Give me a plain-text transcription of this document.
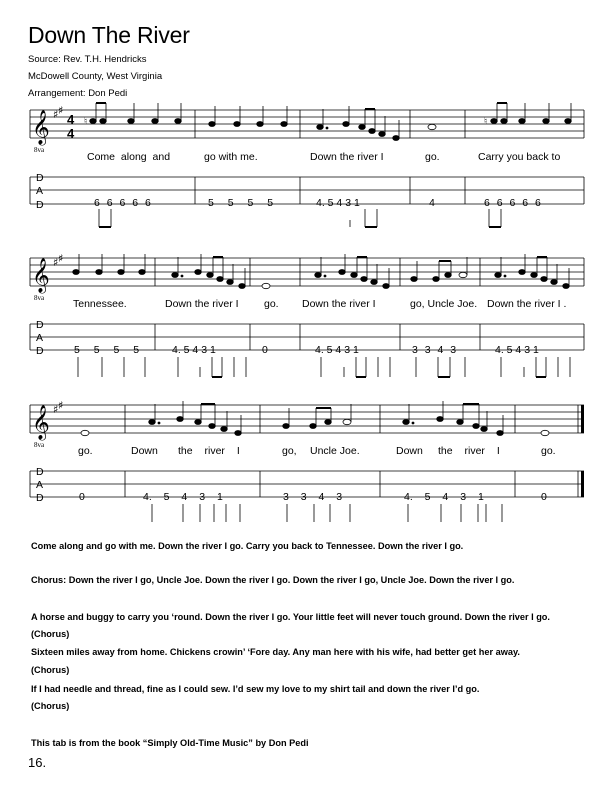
Down The River
Source: Rev. T.H. Hendricks
McDowell County, West Virginia
Arrangement: Don Pedi
𝄞
𝄞
𝄞
♯ ♯
♯ ♯
♯ ♯
4
4
8va
8va
8va
♮	♮
D
A
D
D
A
D
D
A
D
Come along and	go with me.	Down the river I	go.	Carry you back to
6 6 6 6 6	5 5 5 5	4. 5 4 3 1	4	6 6 6 6 6
Tennessee.	Down the river I go. Down the river I	go, Uncle Joe. Down the river I .
5 5 5 5	4. 5 4 3 1	0	4. 5 4 3 1	3 3 4 3	4. 5 4 3 1
go.	Down the river I	go, Uncle Joe.	Down the river I	go.
0	4. 5 4 3 1	3 3 4 3	4. 5 4 3 1	0
Come along and go with me. Down the river I go. Carry you back to Tennessee. Down the river I go.
Chorus: Down the river I go, Uncle Joe. Down the river I go. Down the river I go, Uncle Joe. Down the river I go.
A horse and buggy to carry you ‘round. Down the river I go. Your little feet will never touch ground. Down the river I go.
(Chorus)
Sixteen miles away from home. Chickens crowin’ ‘Fore day. Any man here with his wife, had better get her away.
(Chorus)
If I had needle and thread, fine as I could sew. I’d sew my love to my shirt tail and down the river I’d go.
(Chorus)
This tab is from the book “Simply Old-Time Music” by Don Pedi
16.
